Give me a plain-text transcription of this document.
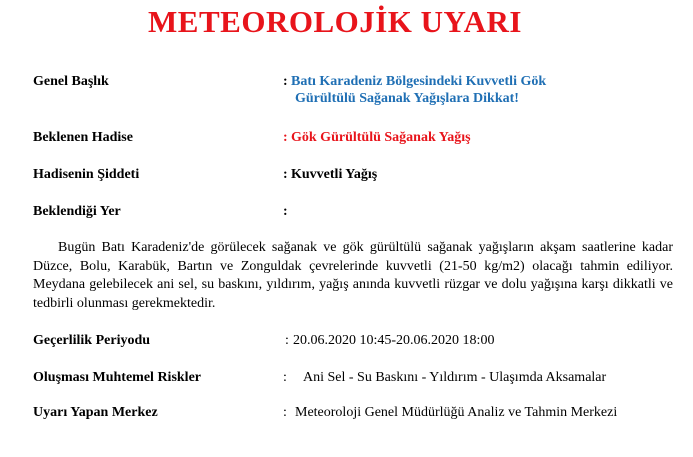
METEOROLOJİK UYARI
Genel Başlık	: Batı Karadeniz Bölgesindeki Kuvvetli Gök
Gürültülü Sağanak Yağışlara Dikkat!
Beklenen Hadise	: Gök Gürültülü Sağanak Yağış
Hadisenin Şiddeti	: Kuvvetli Yağış
Beklendiği Yer	:
Bugün Batı Karadeniz'de görülecek sağanak ve gök gürültülü sağanak yağışların akşam saatlerine kadar Düzce, Bolu, Karabük, Bartın ve Zonguldak çevrelerinde kuvvetli (21-50 kg/m2) olacağı tahmin ediliyor. Meydana gelebilecek ani sel, su baskını, yıldırım, yağış anında kuvvetli rüzgar ve dolu yağışına karşı dikkatli ve tedbirli olunması gerekmektedir.
Geçerlilik Periyodu	: 20.06.2020 10:45-20.06.2020 18:00
Oluşması Muhtemel Riskler	:	Ani Sel - Su Baskını - Yıldırım - Ulaşımda Aksamalar
Uyarı Yapan Merkez	: Meteoroloji Genel Müdürlüğü Analiz ve Tahmin Merkezi
